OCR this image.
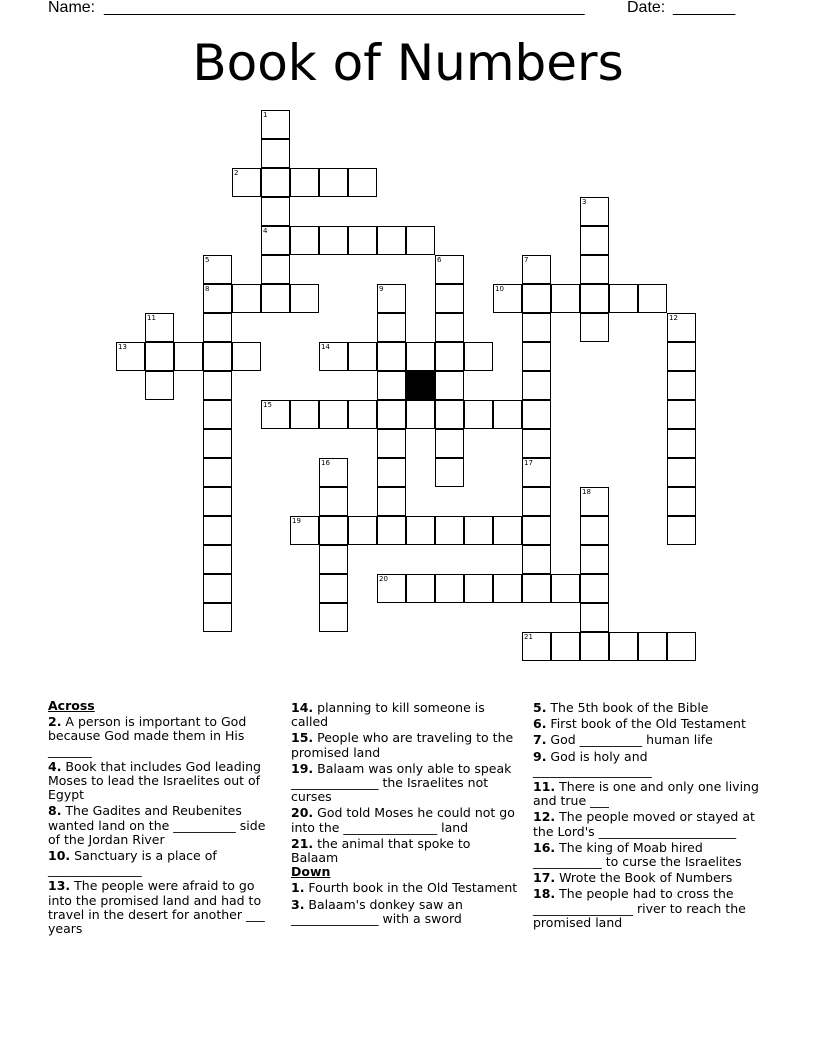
Name: ______________________________________________________	Date: _______
Book of Numbers
1
4
2
3
5
8
6	7
17
9	10
11	12
13	14
15
16
18
19
20
21
Across
2. A person is important to God because God made them in His _______
4. Book that includes God leading Moses to lead the Israelites out of Egypt
8. The Gadites and Reubenites wanted land on the __________ side of the Jordan River
10. Sanctuary is a place of _______________
13. The people were afraid to go into the promised land and had to travel in the desert for another ___ years
14. planning to kill someone is called
15. People who are traveling to the promised land
19. Balaam was only able to speak ______________ the Israelites not curses
20. God told Moses he could not go into the _______________ land
21. the animal that spoke to Balaam
Down
1. Fourth book in the Old Testament
3. Balaam's donkey saw an ______________ with a sword
5. The 5th book of the Bible
6. First book of the Old Testament
7. God __________ human life
9. God is holy and ___________________
11. There is one and only one living and true ___
12. The people moved or stayed at the Lord's ______________________
16. The king of Moab hired ___________ to curse the Israelites
17. Wrote the Book of Numbers
18. The people had to cross the ________________ river to reach the promised land
